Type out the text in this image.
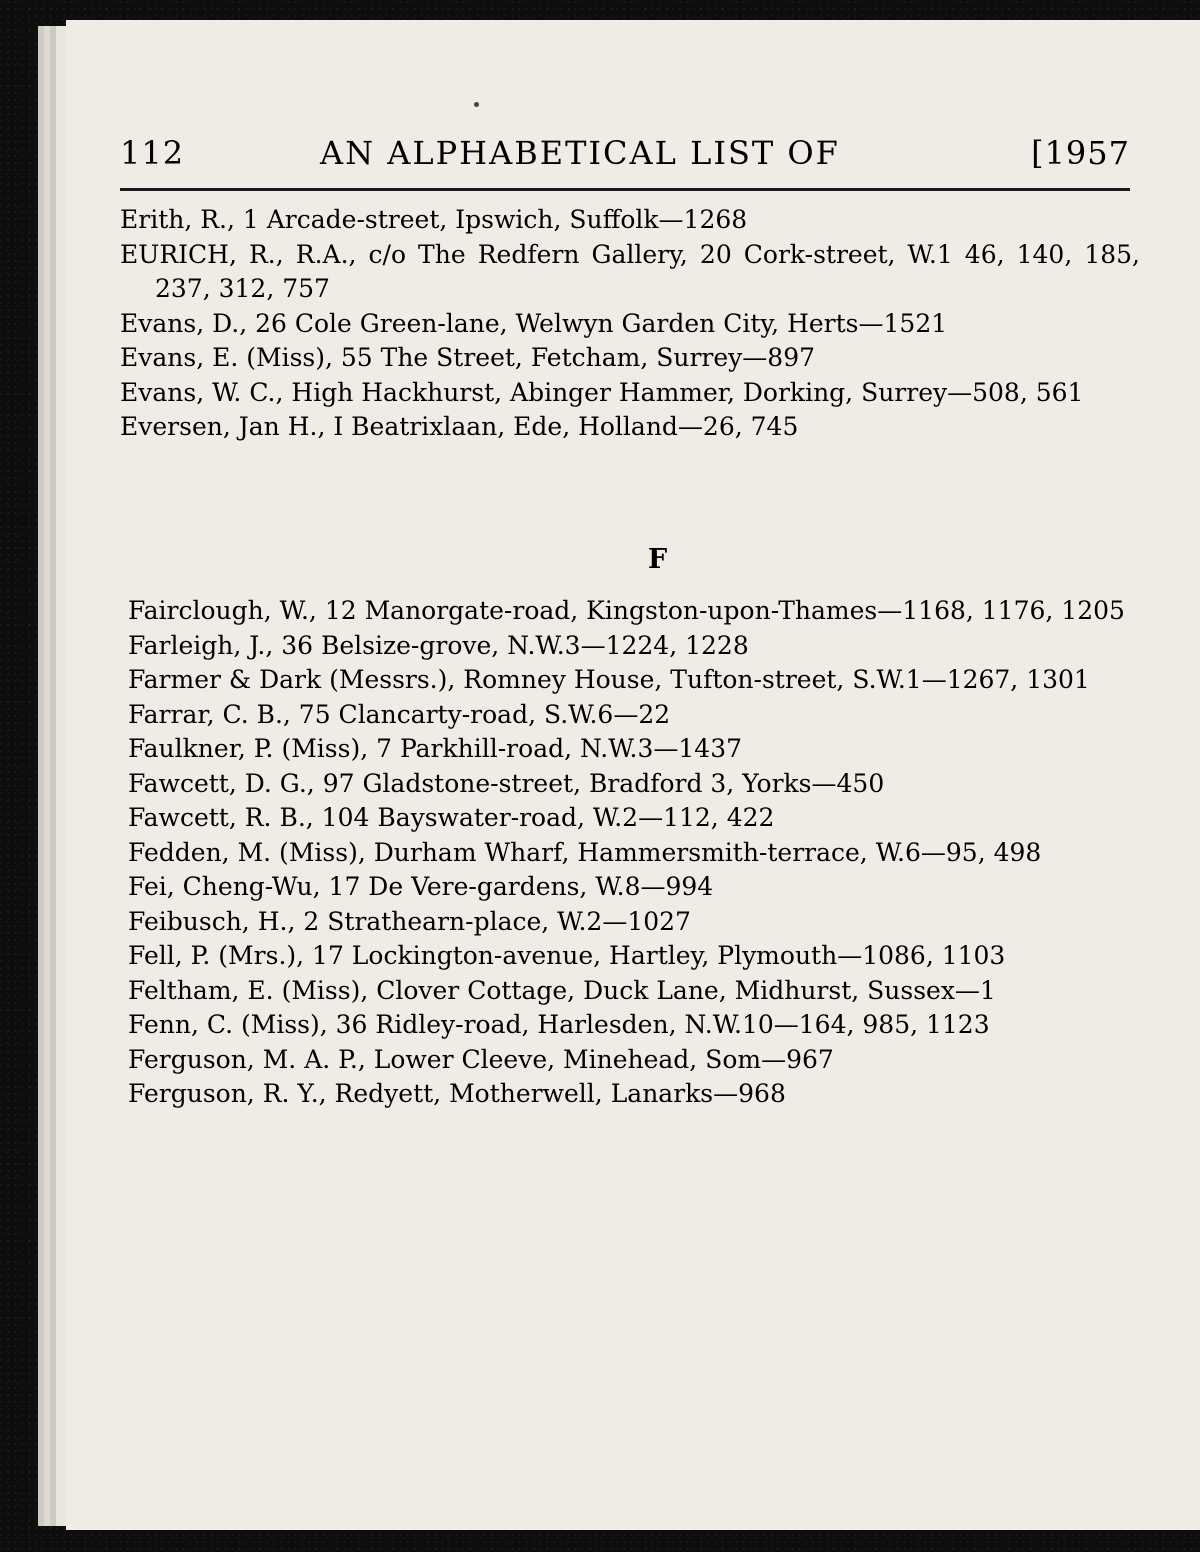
112	AN ALPHABETICAL LIST OF	[1957

Erith, R., 1 Arcade-street, Ipswich, Suffolk—1268

EURICH, R., R.A., c/o The Redfern Gallery, 20 Cork-street, W.1 46, 140, 185, 237, 312, 757

Evans, D., 26 Cole Green-lane, Welwyn Garden City, Herts—1521

Evans, E. (Miss), 55 The Street, Fetcham, Surrey—897

Evans, W. C., High Hackhurst, Abinger Hammer, Dorking, Surrey—508, 561

Eversen, Jan H., I Beatrixlaan, Ede, Holland—26, 745

F

Fairclough, W., 12 Manorgate-road, Kingston-upon-Thames—1168, 1176, 1205

Farleigh, J., 36 Belsize-grove, N.W.3—1224, 1228

Farmer & Dark (Messrs.), Romney House, Tufton-street, S.W.1—1267, 1301

Farrar, C. B., 75 Clancarty-road, S.W.6—22

Faulkner, P. (Miss), 7 Parkhill-road, N.W.3—1437

Fawcett, D. G., 97 Gladstone-street, Bradford 3, Yorks—450

Fawcett, R. B., 104 Bayswater-road, W.2—112, 422

Fedden, M. (Miss), Durham Wharf, Hammersmith-terrace, W.6—95, 498

Fei, Cheng-Wu, 17 De Vere-gardens, W.8—994

Feibusch, H., 2 Strathearn-place, W.2—1027

Fell, P. (Mrs.), 17 Lockington-avenue, Hartley, Plymouth—1086, 1103

Feltham, E. (Miss), Clover Cottage, Duck Lane, Midhurst, Sussex—1

Fenn, C. (Miss), 36 Ridley-road, Harlesden, N.W.10—164, 985, 1123

Ferguson, M. A. P., Lower Cleeve, Minehead, Som—967

Ferguson, R. Y., Redyett, Motherwell, Lanarks—968
